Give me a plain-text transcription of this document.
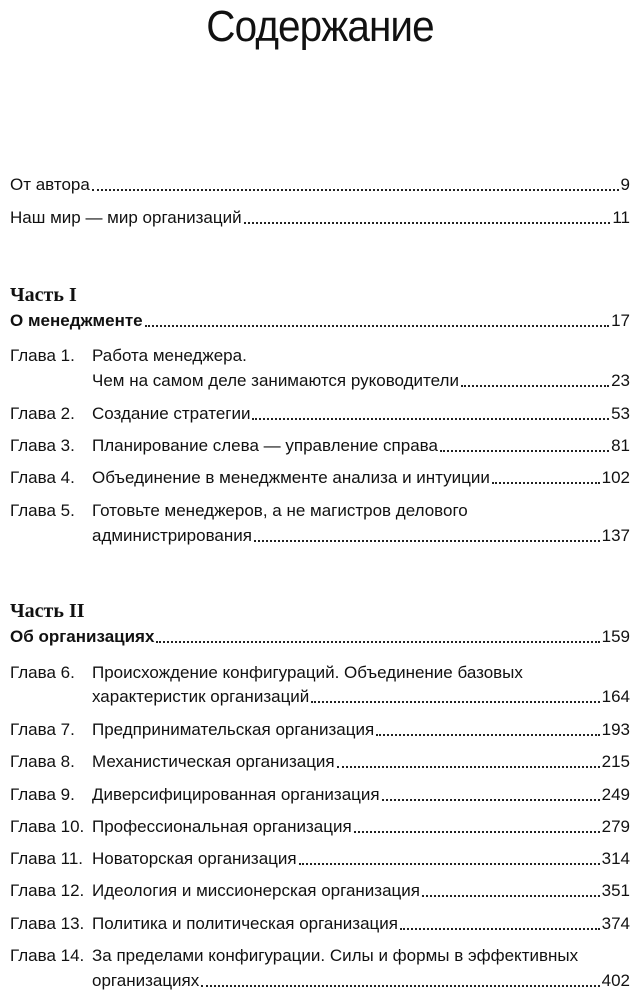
Содержание
От автора	9
Наш мир — мир организаций	11
Часть I
О менеджменте	17
Глава 1. Работа менеджера.
Чем на самом деле занимаются руководители	23
Глава 2.	Создание стратегии	53
Глава 3.	Планирование слева — управление справа	81
Глава 4.	Объединение в менеджменте анализа и интуиции	102
Глава 5. Готовьте менеджеров, а не магистров делового
администрирования	137
Часть II
Об организациях	159
Глава 6. Происхождение конфигураций. Объединение базовых
характеристик организаций	164
Глава 7.	Предпринимательская организация	193
Глава 8.	Механистическая организация	215
Глава 9.	Диверсифицированная организация	249
Глава 10. Профессиональная организация	279
Глава 11. Новаторская организация	314
Глава 12. Идеология и миссионерская организация	351
Глава 13. Политика и политическая организация	374
Глава 14. За пределами конфигурации. Силы и формы в эффективных
организациях	402
